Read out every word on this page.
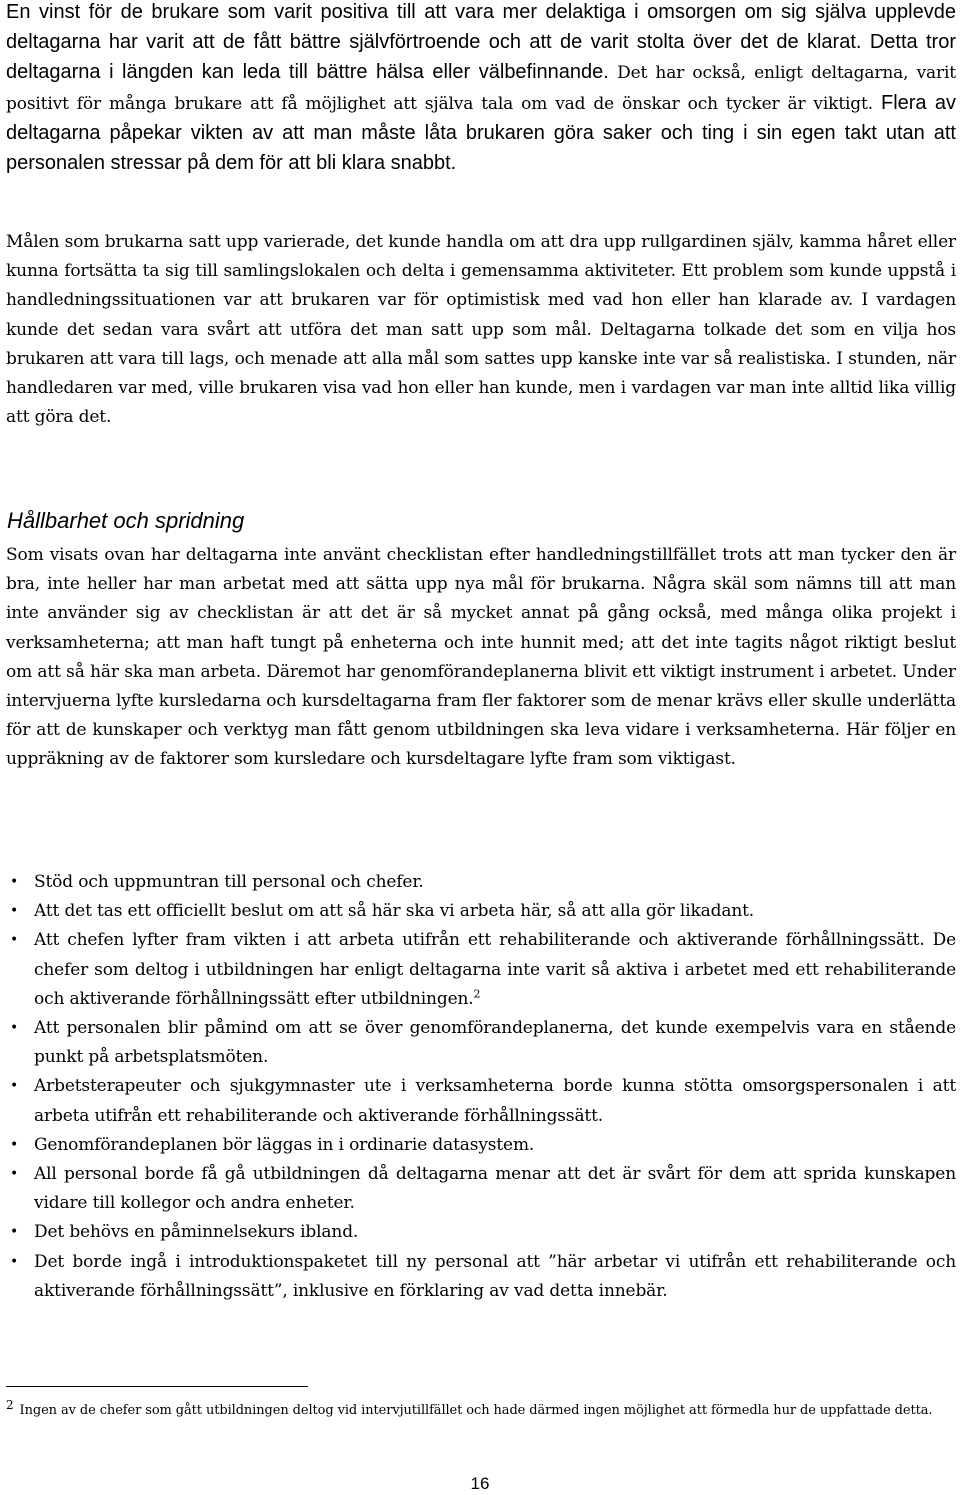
En vinst för de brukare som varit positiva till att vara mer delaktiga i omsorgen om sig själva upplevde deltagarna har varit att de fått bättre självförtroende och att de varit stolta över det de klarat. Detta tror deltagarna i längden kan leda till bättre hälsa eller välbefinnande. Det har också, enligt deltagarna, varit positivt för många brukare att få möjlighet att själva tala om vad de önskar och tycker är viktigt. Flera av deltagarna påpekar vikten av att man måste låta brukaren göra saker och ting i sin egen takt utan att personalen stressar på dem för att bli klara snabbt.

Målen som brukarna satt upp varierade, det kunde handla om att dra upp rullgardinen själv, kamma håret eller kunna fortsätta ta sig till samlingslokalen och delta i gemensamma aktiviteter. Ett problem som kunde uppstå i handledningssituationen var att brukaren var för optimistisk med vad hon eller han klarade av. I vardagen kunde det sedan vara svårt att utföra det man satt upp som mål. Deltagarna tolkade det som en vilja hos brukaren att vara till lags, och menade att alla mål som sattes upp kanske inte var så realistiska. I stunden, när handledaren var med, ville brukaren visa vad hon eller han kunde, men i vardagen var man inte alltid lika villig att göra det.

Hållbarhet och spridning

Som visats ovan har deltagarna inte använt checklistan efter handledningstillfället trots att man tycker den är bra, inte heller har man arbetat med att sätta upp nya mål för brukarna. Några skäl som nämns till att man inte använder sig av checklistan är att det är så mycket annat på gång också, med många olika projekt i verksamheterna; att man haft tungt på enheterna och inte hunnit med; att det inte tagits något riktigt beslut om att så här ska man arbeta. Däremot har genomförandeplanerna blivit ett viktigt instrument i arbetet. Under intervjuerna lyfte kursledarna och kursdeltagarna fram fler faktorer som de menar krävs eller skulle underlätta för att de kunskaper och verktyg man fått genom utbildningen ska leva vidare i verksamheterna. Här följer en uppräkning av de faktorer som kursledare och kursdeltagare lyfte fram som viktigast.

• Stöd och uppmuntran till personal och chefer.
• Att det tas ett officiellt beslut om att så här ska vi arbeta här, så att alla gör likadant.
• Att chefen lyfter fram vikten i att arbeta utifrån ett rehabiliterande och aktiverande förhållningssätt. De chefer som deltog i utbildningen har enligt deltagarna inte varit så aktiva i arbetet med ett rehabiliterande och aktiverande förhållningssätt efter utbildningen.$^2$
• Att personalen blir påmind om att se över genomförandeplanerna, det kunde exempelvis vara en stående punkt på arbetsplatsmöten.
• Arbetsterapeuter och sjukgymnaster ute i verksamheterna borde kunna stötta omsorgspersonalen i att arbeta utifrån ett rehabiliterande och aktiverande förhållningssätt.
• Genomförandeplanen bör läggas in i ordinarie datasystem.
• All personal borde få gå utbildningen då deltagarna menar att det är svårt för dem att sprida kunskapen vidare till kollegor och andra enheter.
• Det behövs en påminnelsekurs ibland.
• Det borde ingå i introduktionspaketet till ny personal att ”här arbetar vi utifrån ett rehabiliterande och aktiverande förhållningssätt”, inklusive en förklaring av vad detta innebär.
$^2$ Ingen av de chefer som gått utbildningen deltog vid intervjutillfället och hade därmed ingen möjlighet att förmedla hur de uppfattade detta.
16
